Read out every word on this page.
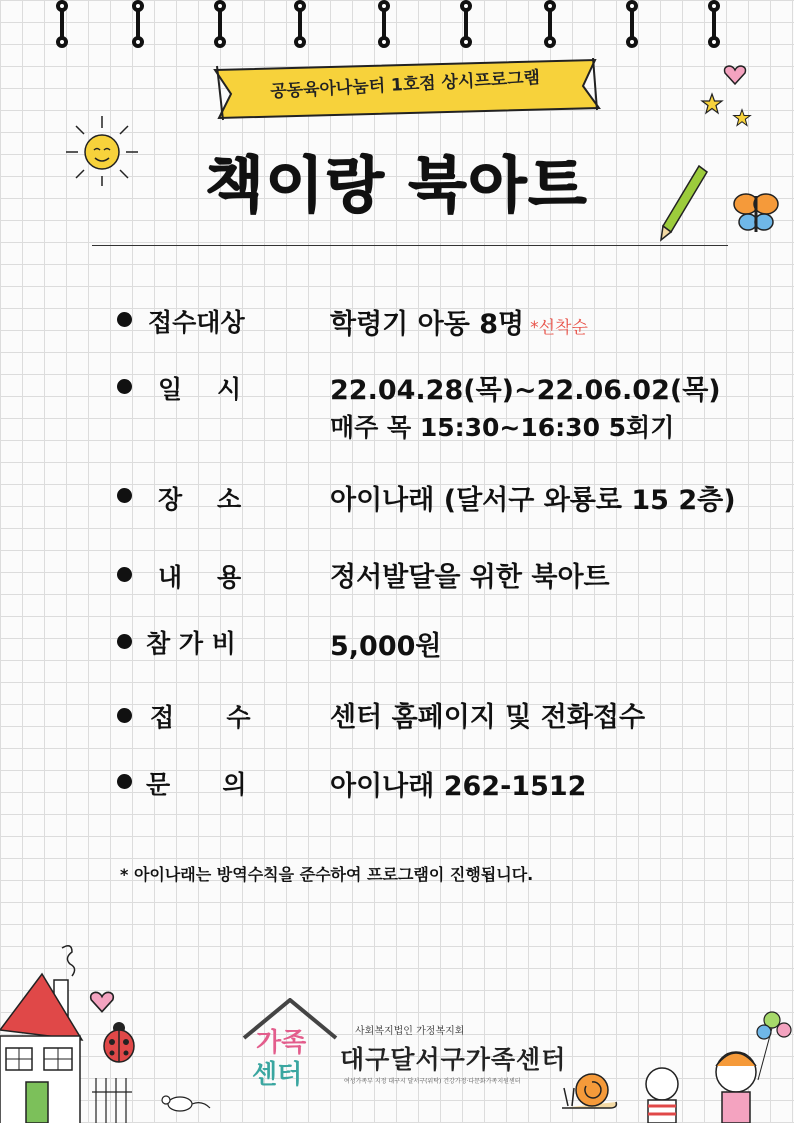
공동육아나눔터 1호점 상시프로그램
책이랑 북아트
접수대상	학령기 아동 8명 *선착순
일    시	22.04.28(목)~22.06.02(목)
매주 목 15:30~16:30 5회기
장    소	아이나래 (달서구 와룡로 15 2층)
내    용	정서발달을 위한 북아트
참 가 비	5,000원
접      수	센터 홈페이지 및 전화접수
문      의	아이나래 262-1512
* 아이나래는 방역수칙을 준수하여 프로그램이 진행됩니다.
가족
센터
사회복지법인 가정복지회
대구달서구가족센터
여성가족부 지정 대구시 달서구(위탁) 건강가정·다문화가족지원센터
